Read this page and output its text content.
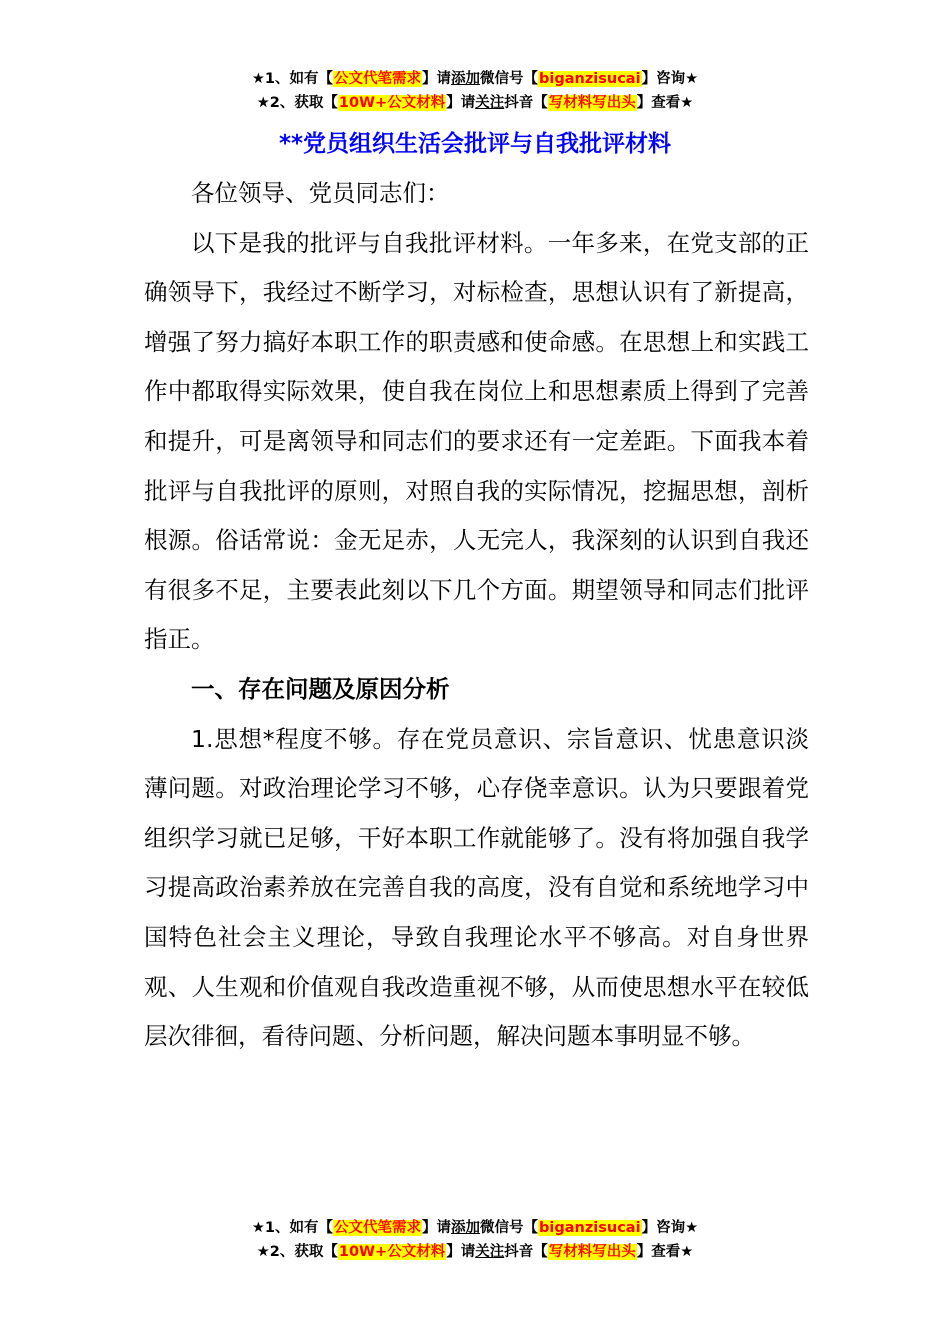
★1、如有【公文代笔需求】请添加微信号【biganzisucai】咨询★
★2、获取【10W+公文材料】请关注抖音【写材料写出头】查看★
**党员组织生活会批评与自我批评材料

各位领导、党员同志们：

以下是我的批评与自我批评材料。一年多来，在党支部的正确领导下，我经过不断学习，对标检查，思想认识有了新提高，增强了努力搞好本职工作的职责感和使命感。在思想上和实践工作中都取得实际效果，使自我在岗位上和思想素质上得到了完善和提升，可是离领导和同志们的要求还有一定差距。下面我本着批评与自我批评的原则，对照自我的实际情况，挖掘思想，剖析根源。俗话常说：金无足赤，人无完人，我深刻的认识到自我还有很多不足，主要表此刻以下几个方面。期望领导和同志们批评指正。

一、存在问题及原因分析

1.思想*程度不够。存在党员意识、宗旨意识、忧患意识淡薄问题。对政治理论学习不够，心存侥幸意识。认为只要跟着党组织学习就已足够，干好本职工作就能够了。没有将加强自我学习提高政治素养放在完善自我的高度，没有自觉和系统地学习中国特色社会主义理论，导致自我理论水平不够高。对自身世界观、人生观和价值观自我改造重视不够，从而使思想水平在较低层次徘徊，看待问题、分析问题，解决问题本事明显不够。

★1、如有【公文代笔需求】请添加微信号【biganzisucai】咨询★
★2、获取【10W+公文材料】请关注抖音【写材料写出头】查看★
